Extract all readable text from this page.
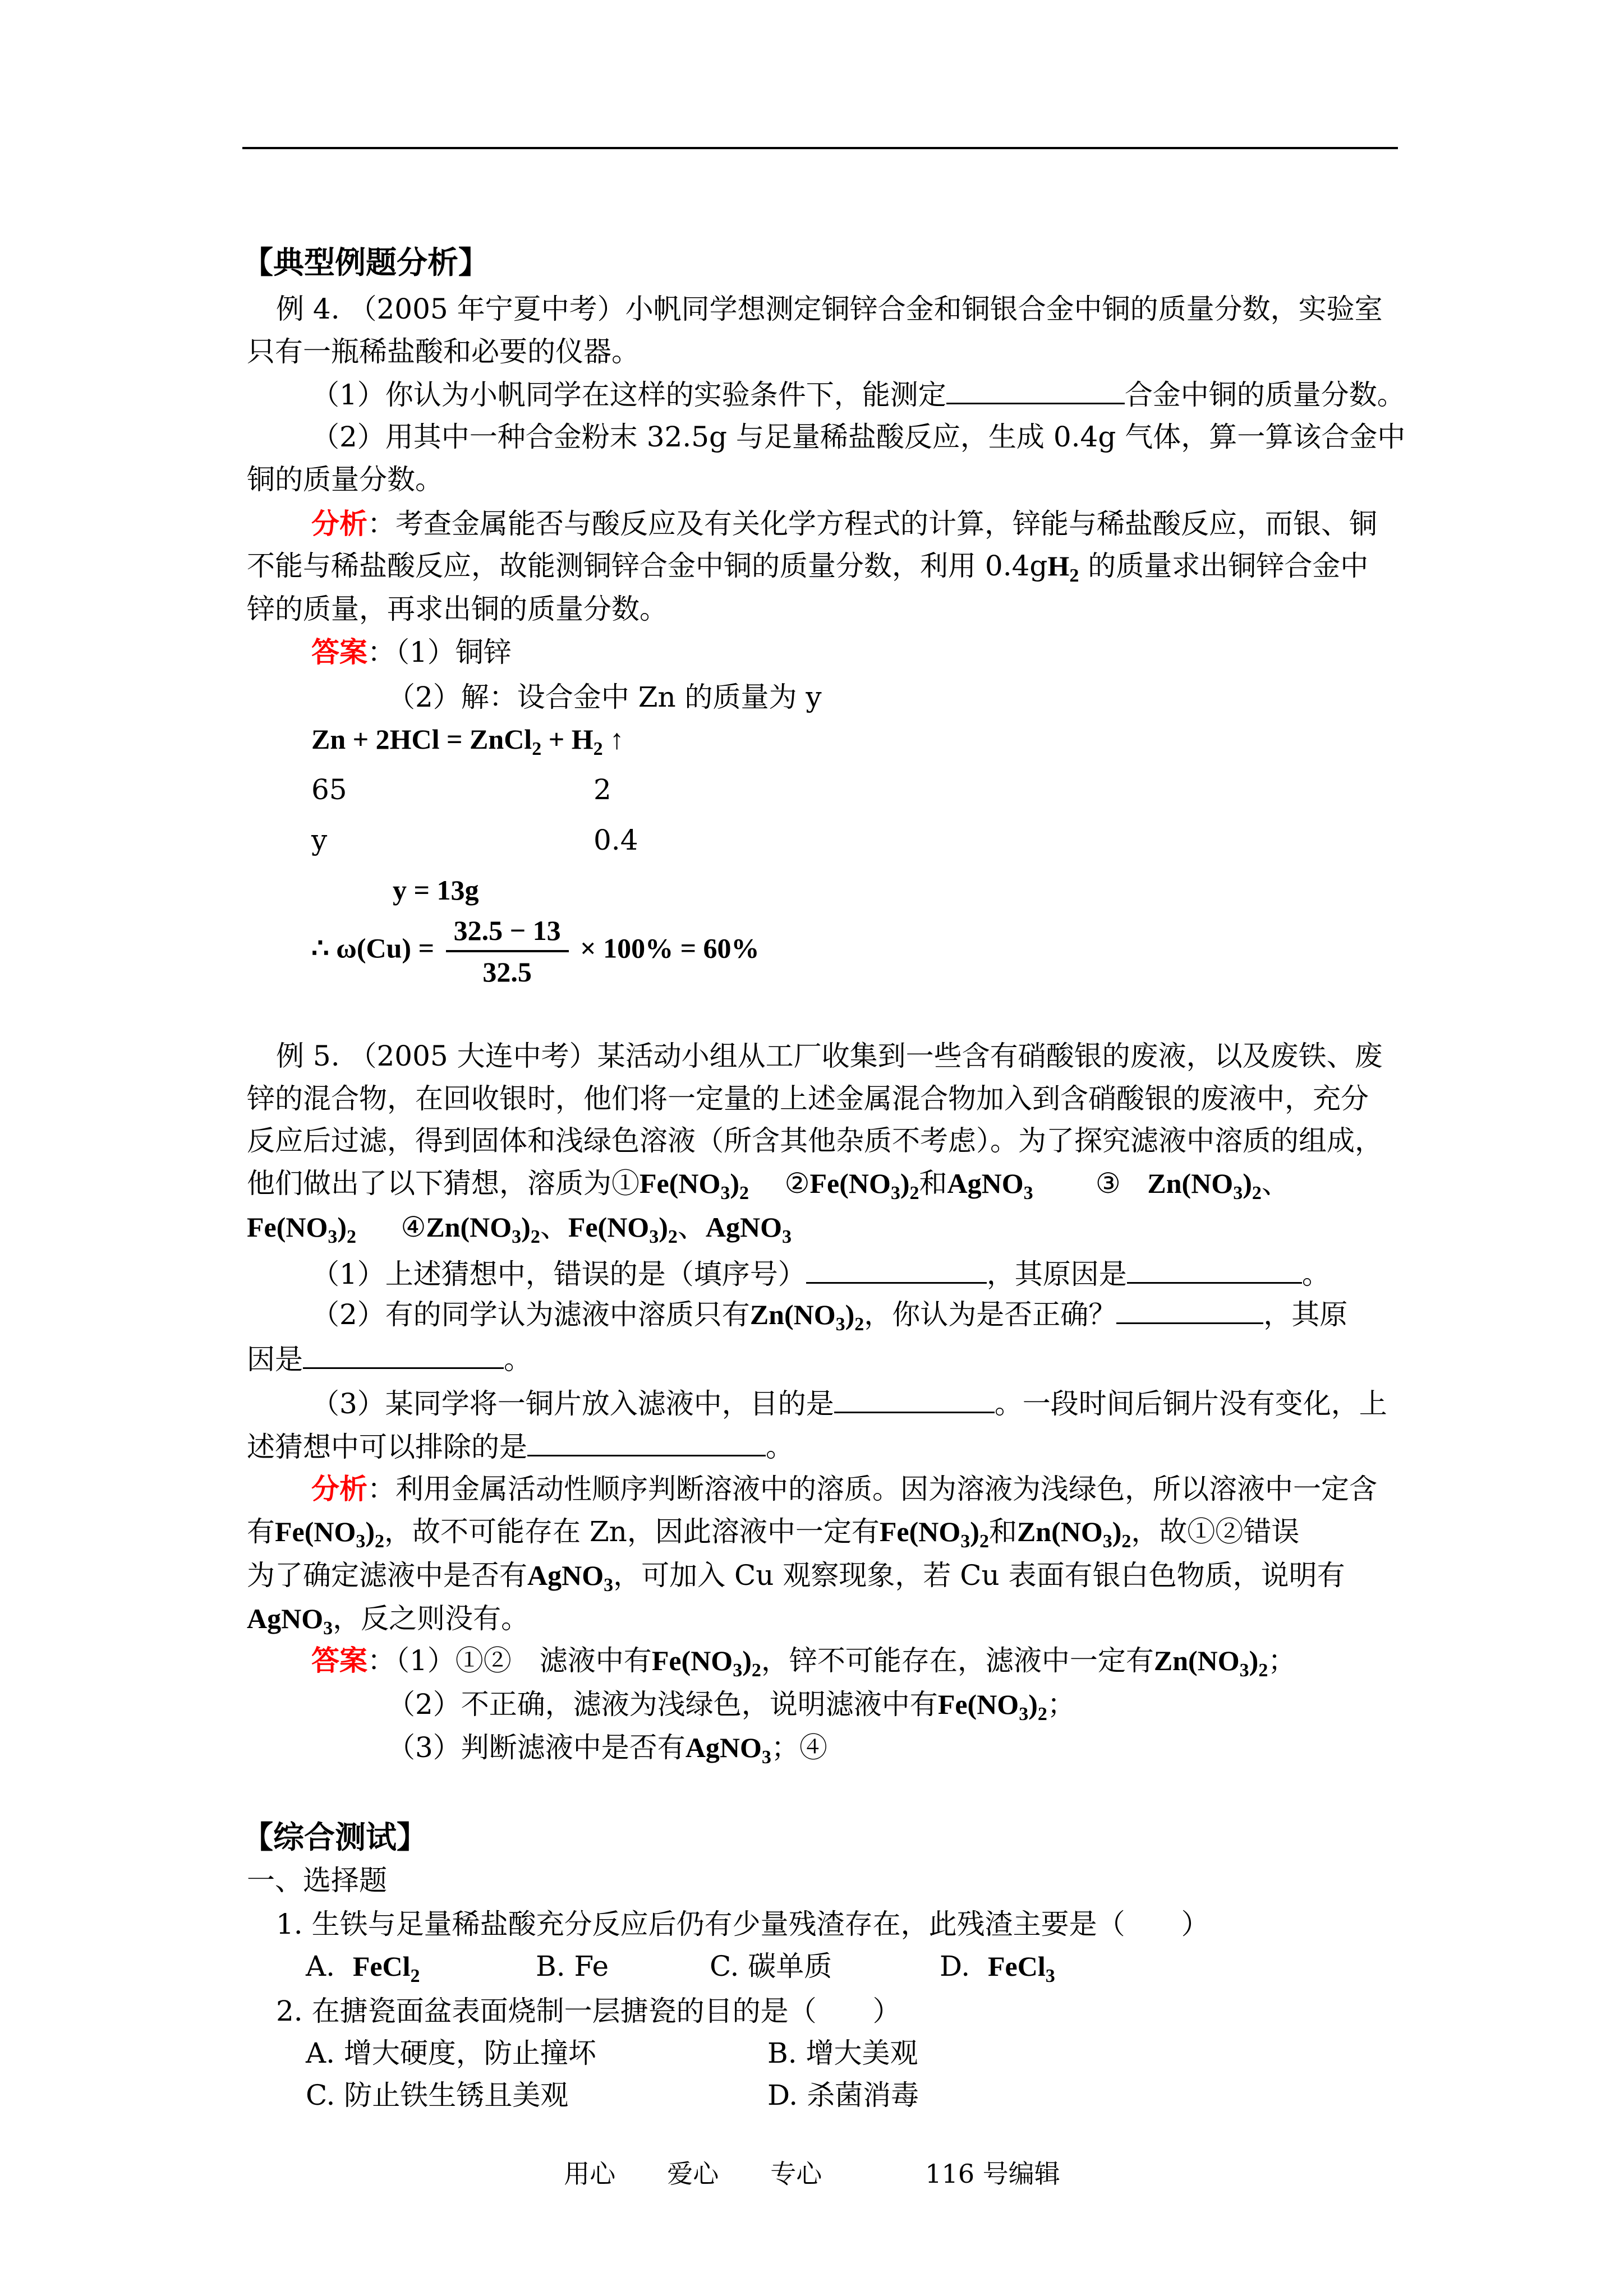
【典型例题分析】
例 4. （2005 年宁夏中考）小帆同学想测定铜锌合金和铜银合金中铜的质量分数，实验室
只有一瓶稀盐酸和必要的仪器。
（1）你认为小帆同学在这样的实验条件下，能测定	合金中铜的质量分数。
（2）用其中一种合金粉末 32.5g 与足量稀盐酸反应，生成 0.4g 气体，算一算该合金中
铜的质量分数。
分析：考查金属能否与酸反应及有关化学方程式的计算，锌能与稀盐酸反应，而银、铜
不能与稀盐酸反应，故能测铜锌合金中铜的质量分数，利用 $0.4gH_2$ 的质量求出铜锌合金中
锌的质量，再求出铜的质量分数。
答案：（1）铜锌
（2）解：设合金中 Zn 的质量为 y
Zn + 2HCl = ZnCl$_2$ + $H_2$ ↑
65	2
y	0.4
y = 13g
∴ $\omega(Cu) = \frac{32.5 - 13}{32.5} \times 100\% = 60\%$
例 5. （2005 大连中考）某活动小组从工厂收集到一些含有硝酸银的废液，以及废铁、废
锌的混合物，在回收银时，他们将一定量的上述金属混合物加入到含硝酸银的废液中，充分
反应后过滤，得到固体和浅绿色溶液（所含其他杂质不考虑）。为了探究滤液中溶质的组成，
他们做出了以下猜想，溶质为$①Fe(NO_3)_2$ $②Fe(NO_3)_2$和AgNO$_3$ ③ $Zn(NO_3)_2$、
$Fe(NO_3)_2$ $④Zn(NO_3)_2$、$Fe(NO_3)_2$、AgNO$_3$
（1）上述猜想中，错误的是（填序号）	，其原因是	。
（2）有的同学认为滤液中溶质只有$Zn(NO_3)_2$，你认为是否正确？	，其原
因是	。
（3）某同学将一铜片放入滤液中，目的是	。一段时间后铜片没有变化，上
述猜想中可以排除的是	。
分析：利用金属活动性顺序判断溶液中的溶质。因为溶液为浅绿色，所以溶液中一定含
有$Fe(NO_3)_2$，故不可能存在 Zn，因此溶液中一定有$Fe(NO_3)_2$和$Zn(NO_3)_2$，故①②错误
为了确定滤液中是否有AgNO$_3$，可加入 Cu 观察现象，若 Cu 表面有银白色物质，说明有
AgNO$_3$，反之则没有。
答案：（1）①②　滤液中有$Fe(NO_3)_2$，锌不可能存在，滤液中一定有$Zn(NO_3)_2$；
（2）不正确，滤液为浅绿色，说明滤液中有$Fe(NO_3)_2$；
（3）判断滤液中是否有AgNO$_3$；④
【综合测试】
一、选择题
1. 生铁与足量稀盐酸充分反应后仍有少量残渣存在，此残渣主要是（　　）
A. FeCl$_2$	B. Fe	C. 碳单质	D. FeCl$_3$
2. 在搪瓷面盆表面烧制一层搪瓷的目的是（　　）
A. 增大硬度，防止撞坏	B. 增大美观
C. 防止铁生锈且美观	D. 杀菌消毒
用心　　爱心　　专心　　　　116 号编辑
